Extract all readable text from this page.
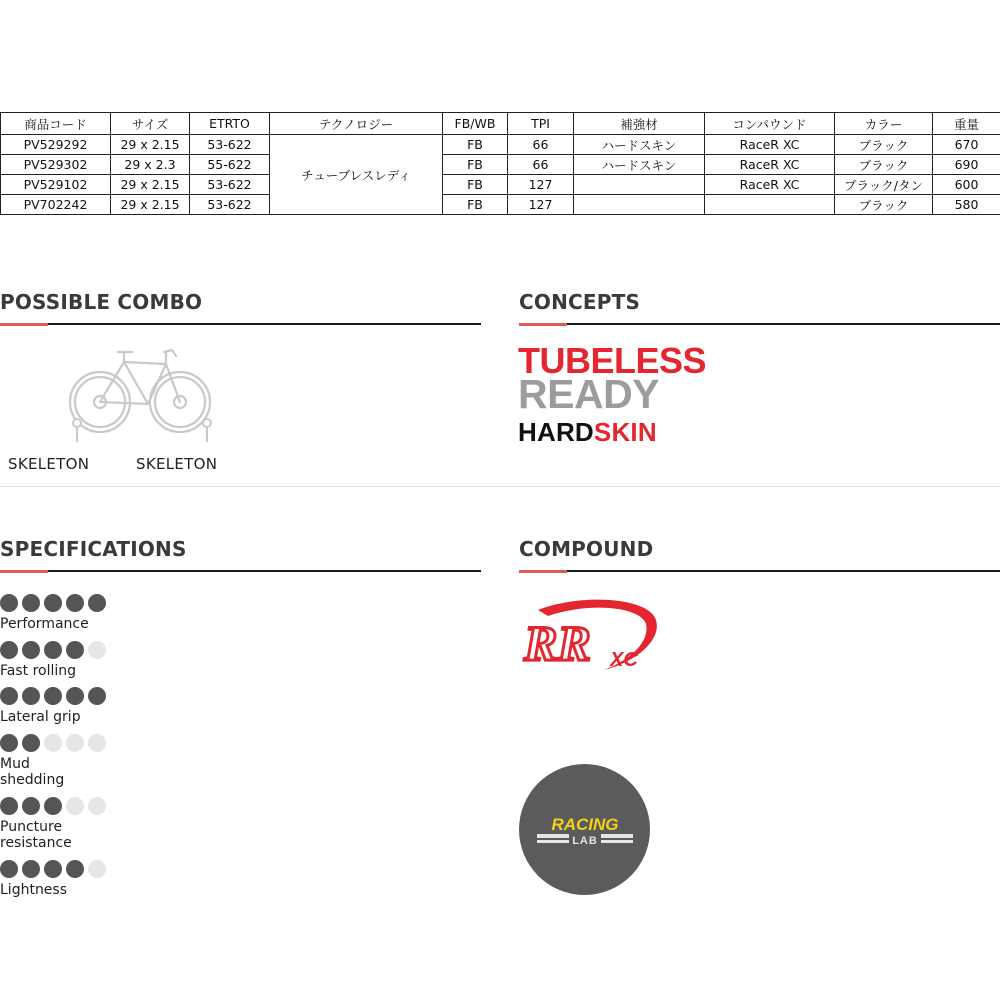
商品コード	サイズ	ETRTO	テクノロジー	FB/WB	TPI	補強材	コンパウンド	カラー	重量
PV529292	29 x 2.15	53-622	チューブレスレディ	FB	66	ハードスキン	RaceR XC	ブラック	670
PV529302	29 x 2.3	55-622		FB	66	ハードスキン	RaceR XC	ブラック	690
PV529102	29 x 2.15	53-622		FB	127		RaceR XC	ブラック/タン	600
PV702242	29 x 2.15	53-622		FB	127			ブラック	580
POSSIBLE COMBO
SKELETON	SKELETON
CONCEPTS
TUBELESS
READY
HARDSKIN
SPECIFICATIONS
Performance
Fast rolling
Lateral grip
Mud shedding
Puncture resistance
Lightness
COMPOUND
RR XC
RACING
LAB
